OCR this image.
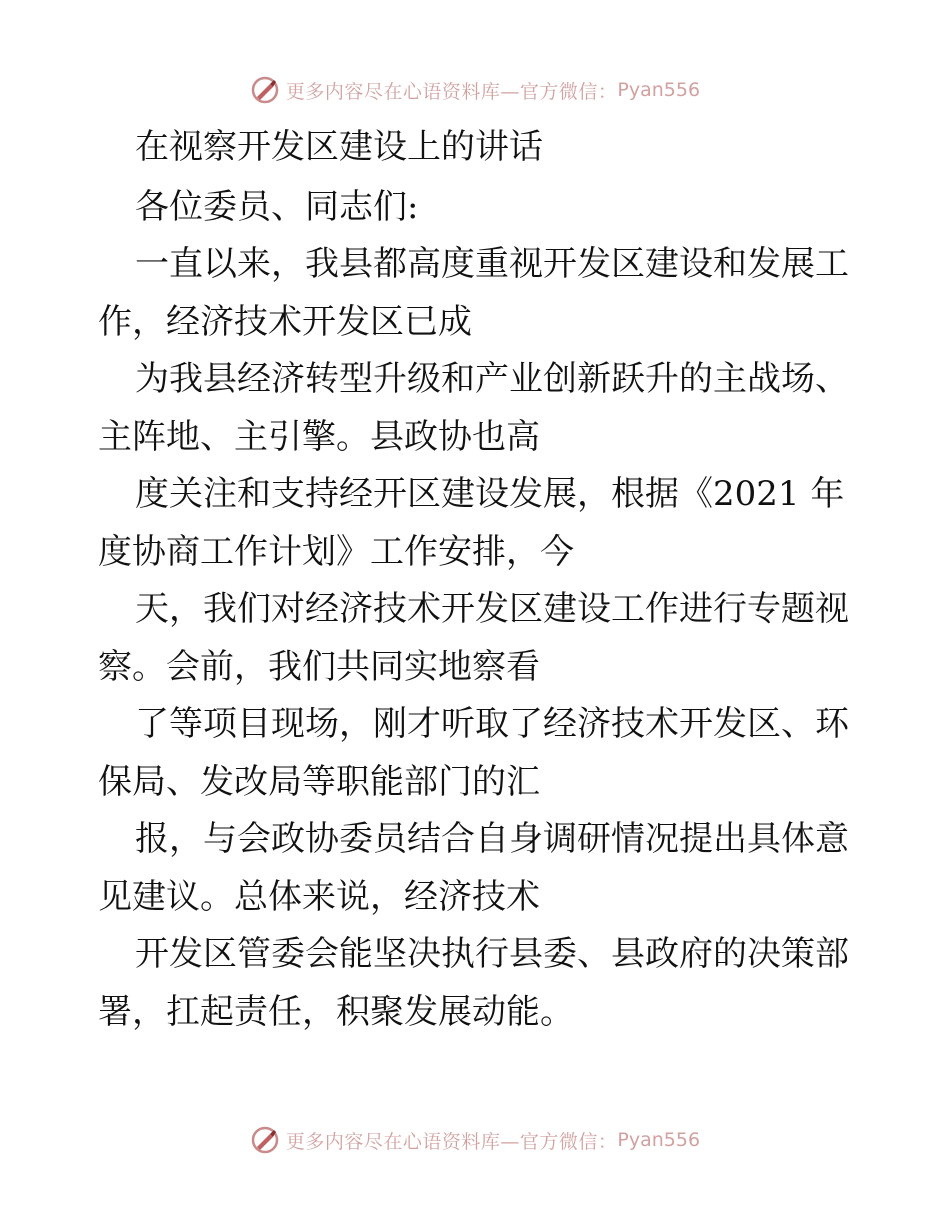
更多内容尽在心语资料库—官方微信： Pyan556
在视察开发区建设上的讲话
各位委员、同志们:
一直以来，我县都高度重视开发区建设和发展工
作，经济技术开发区已成
为我县经济转型升级和产业创新跃升的主战场、
主阵地、主引擎。县政协也高
度关注和支持经开区建设发展，根据《2021 年
度协商工作计划》工作安排，今
天，我们对经济技术开发区建设工作进行专题视
察。会前，我们共同实地察看
了等项目现场，刚才听取了经济技术开发区、环
保局、发改局等职能部门的汇
报，与会政协委员结合自身调研情况提出具体意
见建议。总体来说，经济技术
开发区管委会能坚决执行县委、县政府的决策部
署，扛起责任，积聚发展动能。
更多内容尽在心语资料库—官方微信： Pyan556
